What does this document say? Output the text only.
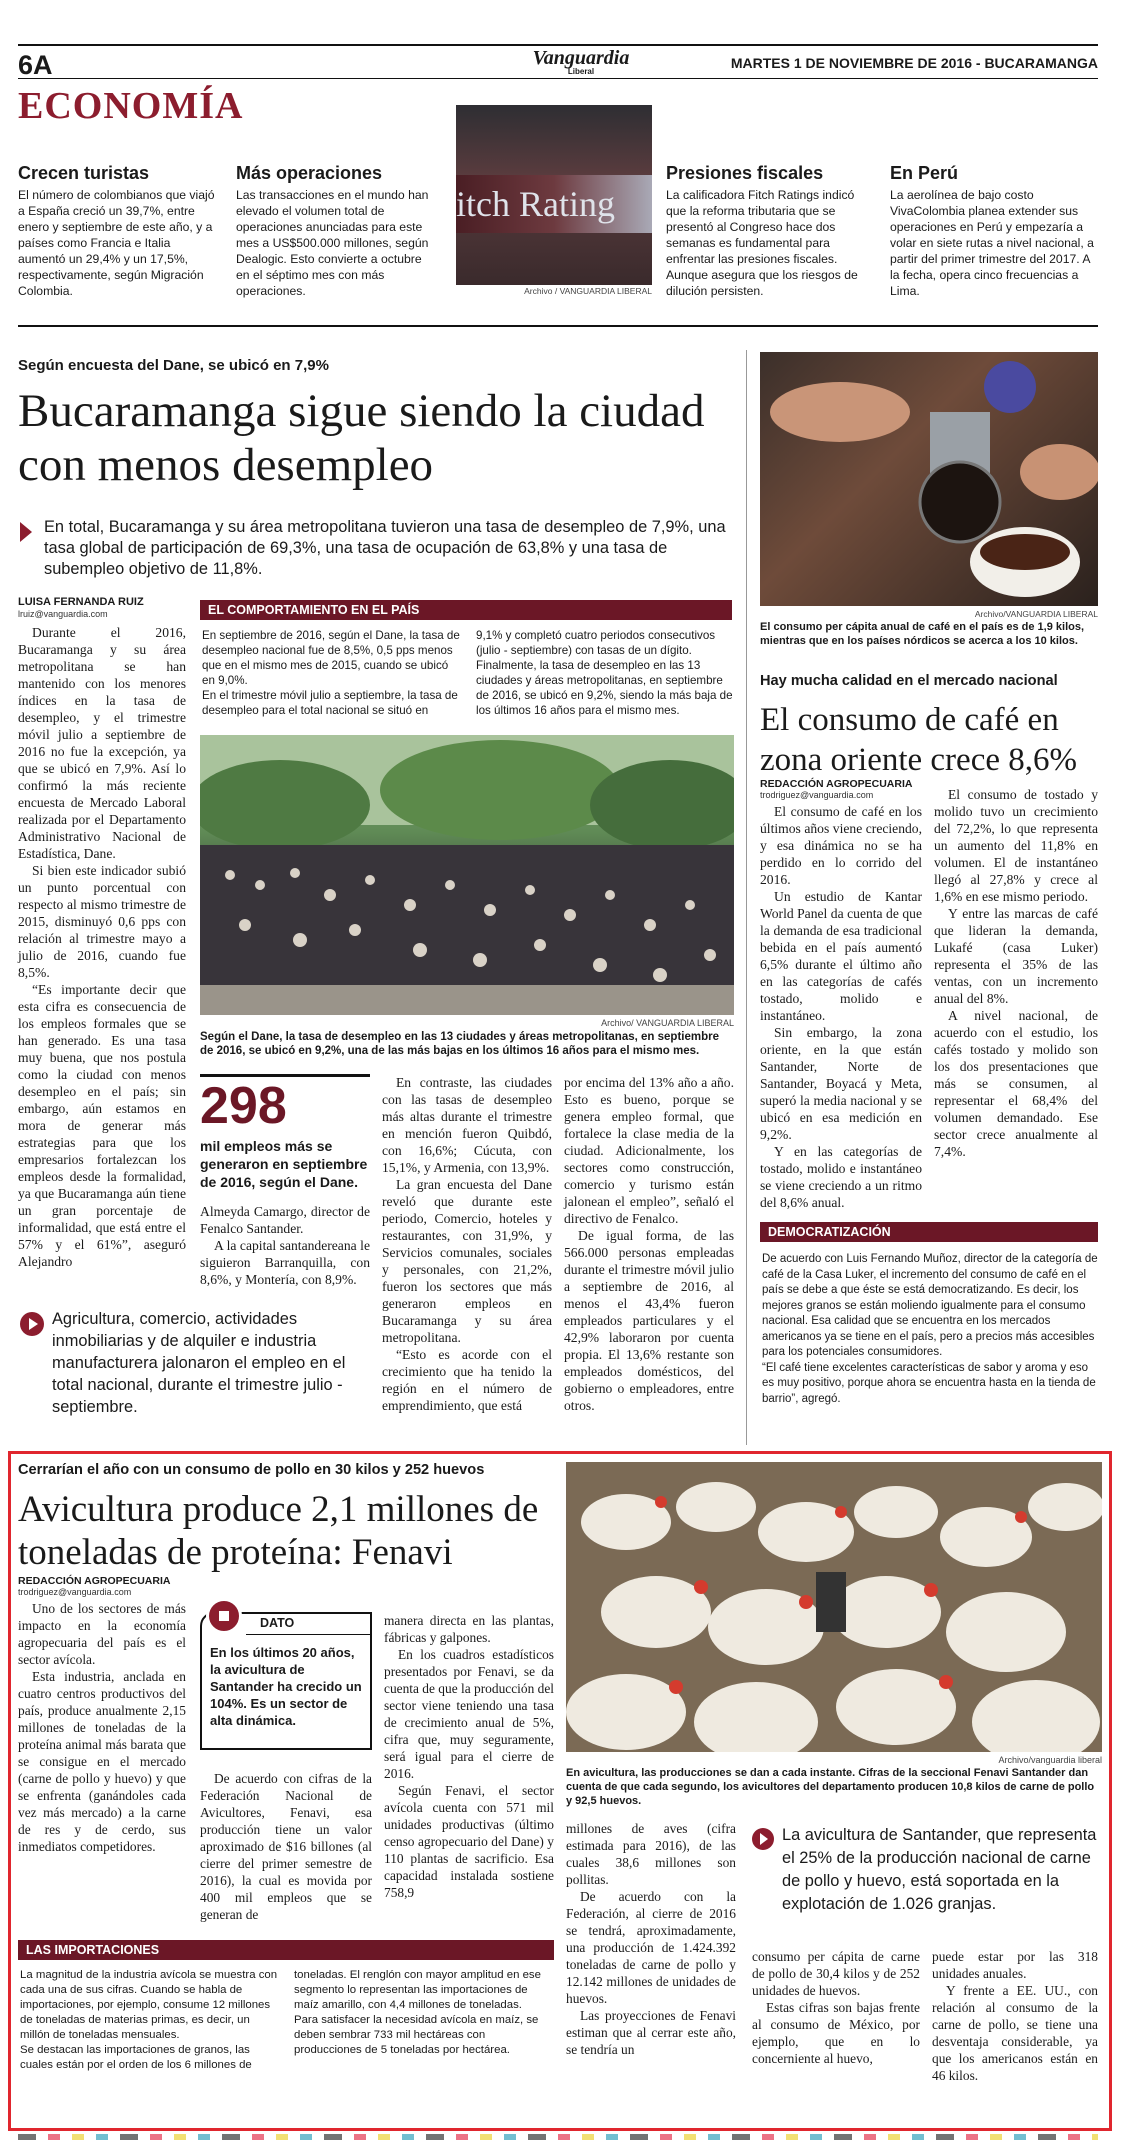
6A	Vanguardia
Liberal
MARTES 1 DE NOVIEMBRE DE 2016 - BUCARAMANGA
ECONOMÍA
Crecen turistas

El número de colombianos que viajó a España creció un 39,7%, entre enero y septiembre de este año, y a países como Francia e Italia aumentó un 29,4% y un 17,5%, respectivamente, según Migración Colombia.

Más operaciones

Las transacciones en el mundo han elevado el volumen total de operaciones anunciadas para este mes a US$500.000 millones, según Dealogic. Esto convierte a octubre en el séptimo mes con más operaciones.

itch Rating
Archivo / VANGUARDIA LIBERAL
Presiones fiscales

La calificadora Fitch Ratings indicó que la reforma tributaria que se presentó al Congreso hace dos semanas es fundamental para enfrentar las presiones fiscales. Aunque asegura que los riesgos de dilución persisten.

En Perú

La aerolínea de bajo costo VivaColombia planea extender sus operaciones en Perú y empezaría a volar en siete rutas a nivel nacional, a partir del primer trimestre del 2017. A la fecha, opera cinco frecuencias a Lima.

Según encuesta del Dane, se ubicó en 7,9%
Bucaramanga sigue siendo la ciudad con menos desempleo
En total, Bucaramanga y su área metropolitana tuvieron una tasa de desempleo de 7,9%, una tasa global de participación de 69,3%, una tasa de ocupación de 63,8% y una tasa de subempleo objetivo de 11,8%.
LUISA FERNANDA RUIZ
lruiz@vanguardia.com

Durante el 2016, Bucaramanga y su área metropolitana se han mantenido con los menores índices en la tasa de desempleo, y el trimestre móvil julio a septiembre de 2016 no fue la excepción, ya que se ubicó en 7,9%. Así lo confirmó la más reciente encuesta de Mercado Laboral realizada por el Departamento Administrativo Nacional de Estadística, Dane.

Si bien este indicador subió un punto porcentual con respecto al mismo trimestre de 2015, disminuyó 0,6 pps con relación al trimestre mayo a julio de 2016, cuando fue 8,5%.

“Es importante decir que esta cifra es consecuencia de los empleos formales que se han generado. Es una tasa muy buena, que nos postula como la ciudad con menos desempleo en el país; sin embargo, aún estamos en mora de generar más estrategias para que los empresarios fortalezcan los empleos desde la formalidad, ya que Bucaramanga aún tiene un gran porcentaje de informalidad, que está entre el 57% y el 61%”, aseguró Alejandro

EL COMPORTAMIENTO EN EL PAÍS
En septiembre de 2016, según el Dane, la tasa de desempleo nacional fue de 8,5%, 0,5 pps menos que en el mismo mes de 2015, cuando se ubicó en 9,0%.
En el trimestre móvil julio a septiembre, la tasa de desempleo para el total nacional se situó en
9,1% y completó cuatro periodos consecutivos (julio - septiembre) con tasas de un dígito. Finalmente, la tasa de desempleo en las 13 ciudades y áreas metropolitanas, en septiembre de 2016, se ubicó en 9,2%, siendo la más baja de los últimos 16 años para el mismo mes.
Archivo/ VANGUARDIA LIBERAL
Según el Dane, la tasa de desempleo en las 13 ciudades y áreas metropolitanas, en septiembre de 2016, se ubicó en 9,2%, una de las más bajas en los últimos 16 años para el mismo mes.
298
mil empleos más se generaron en septiembre de 2016, según el Dane.

Almeyda Camargo, director de Fenalco Santander.

A la capital santandereana le siguieron Barranquilla, con 8,6%, y Montería, con 8,9%.

En contraste, las ciudades con las tasas de desempleo más altas durante el trimestre en mención fueron Quibdó, con 16,6%; Cúcuta, con 15,1%, y Armenia, con 13,9%.

La gran encuesta del Dane reveló que durante este periodo, Comercio, hoteles y restaurantes, con 31,9%, y Servicios comunales, sociales y personales, con 21,2%, fueron los sectores que más generaron empleos en Bucaramanga y su área metropolitana.

“Esto es acorde con el crecimiento que ha tenido la región en el número de emprendimiento, que está

por encima del 13% año a año. Esto es bueno, porque se genera empleo formal, que fortalece la clase media de la ciudad. Adicionalmente, los sectores como construcción, comercio y turismo están jalonean el empleo”, señaló el directivo de Fenalco.

De igual forma, de las 566.000 personas empleadas durante el trimestre móvil julio a septiembre de 2016, al menos el 43,4% fueron empleados particulares y el 42,9% laboraron por cuenta propia. El 13,6% restante son empleados domésticos, del gobierno o empleadores, entre otros.

Agricultura, comercio, actividades inmobiliarias y de alquiler e industria manufacturera jalonaron el empleo en el total nacional, durante el trimestre julio - septiembre.
Archivo/VANGUARDIA LIBERAL
El consumo per cápita anual de café en el país es de 1,9 kilos, mientras que en los países nórdicos se acerca a los 10 kilos.
Hay mucha calidad en el mercado nacional
El consumo de café en zona oriente crece 8,6%
REDACCIÓN AGROPECUARIA
trodriguez@vanguardia.com

El consumo de café en los últimos años viene creciendo, y esa dinámica no se ha perdido en lo corrido del 2016.

Un estudio de Kantar World Panel da cuenta de que la demanda de esa tradicional bebida en el país aumentó 6,5% durante el último año en las categorías de cafés tostado, molido e instantáneo.

Sin embargo, la zona oriente, en la que están Santander, Norte de Santander, Boyacá y Meta, superó la media nacional y se ubicó en esa medición en 9,2%.

Y en las categorías de tostado, molido e instantáneo se viene creciendo a un ritmo del 8,6% anual.

El consumo de tostado y molido tuvo un crecimiento del 72,2%, lo que representa un aumento del 11,8% en volumen. El de instantáneo llegó al 27,8% y crece al 1,6% en ese mismo periodo.

Y entre las marcas de café que lideran la demanda, Lukafé (casa Luker) representa el 35% de las ventas, con un incremento anual del 8%.

A nivel nacional, de acuerdo con el estudio, los cafés tostado y molido son los dos presentaciones que más se consumen, al representar el 68,4% del volumen demandado. Ese sector crece anualmente al 7,4%.

DEMOCRATIZACIÓN
De acuerdo con Luis Fernando Muñoz, director de la categoría de café de la Casa Luker, el incremento del consumo de café en el país se debe a que éste se está democratizando. Es decir, los mejores granos se están moliendo igualmente para el consumo nacional. Esa calidad que se encuentra en los mercados americanos ya se tiene en el país, pero a precios más accesibles para los potenciales consumidores.
“El café tiene excelentes características de sabor y aroma y eso es muy positivo, porque ahora se encuentra hasta en la tienda de barrio”, agregó.
Cerrarían el año con un consumo de pollo en 30 kilos y 252 huevos
Avicultura produce 2,1 millones de toneladas de proteína: Fenavi
REDACCIÓN AGROPECUARIA
trodriguez@vanguardia.com

Uno de los sectores de más impacto en la economía agropecuaria del país es el sector avícola.

Esta industria, anclada en cuatro centros productivos del país, produce anualmente 2,15 millones de toneladas de la proteína animal más barata que se consigue en el mercado (carne de pollo y huevo) y que se enfrenta (ganándoles cada vez más mercado) a la carne de res y de cerdo, sus inmediatos competidores.

DATO
En los últimos 20 años, la avicultura de Santander ha crecido un 104%. Es un sector de alta dinámica.

De acuerdo con cifras de la Federación Nacional de Avicultores, Fenavi, esa producción tiene un valor aproximado de $16 billones (al cierre del primer semestre de 2016), la cual es movida por 400 mil empleos que se generan de

manera directa en las plantas, fábricas y galpones.

En los cuadros estadísticos presentados por Fenavi, se da cuenta de que la producción del sector viene teniendo una tasa de crecimiento anual de 5%, cifra que, muy seguramente, será igual para el cierre de 2016.

Según Fenavi, el sector avícola cuenta con 571 mil unidades productivas (último censo agropecuario del Dane) y 110 plantas de sacrificio. Esa capacidad instalada sostiene 758,9

Archivo/vanguardia liberal
En avicultura, las producciones se dan a cada instante. Cifras de la seccional Fenavi Santander dan cuenta de que cada segundo, los avicultores del departamento producen 10,8 kilos de carne de pollo y 92,5 huevos.

millones de aves (cifra estimada para 2016), de las cuales 38,6 millones son pollitas.

De acuerdo con la Federación, al cierre de 2016 se tendrá, aproximadamente, una producción de 1.424.392 toneladas de carne de pollo y 12.142 millones de unidades de huevos.

Las proyecciones de Fenavi estiman que al cerrar este año, se tendría un

La avicultura de Santander, que representa el 25% de la producción nacional de carne de pollo y huevo, está soportada en la explotación de 1.026 granjas.

consumo per cápita de carne de pollo de 30,4 kilos y de 252 unidades de huevos.

Estas cifras son bajas frente al consumo de México, por ejemplo, que en lo concerniente al huevo,

puede estar por las 318 unidades anuales.

Y frente a EE. UU., con relación al consumo de la carne de pollo, se tiene una desventaja considerable, ya que los americanos están en 46 kilos.

LAS IMPORTACIONES
La magnitud de la industria avícola se muestra con cada una de sus cifras. Cuando se habla de importaciones, por ejemplo, consume 12 millones de toneladas de materias primas, es decir, un millón de toneladas mensuales.
Se destacan las importaciones de granos, las cuales están por el orden de los 6 millones de
toneladas. El renglón con mayor amplitud en ese segmento lo representan las importaciones de maíz amarillo, con 4,4 millones de toneladas.
Para satisfacer la necesidad avícola en maíz, se deben sembrar 733 mil hectáreas con producciones de 5 toneladas por hectárea.
